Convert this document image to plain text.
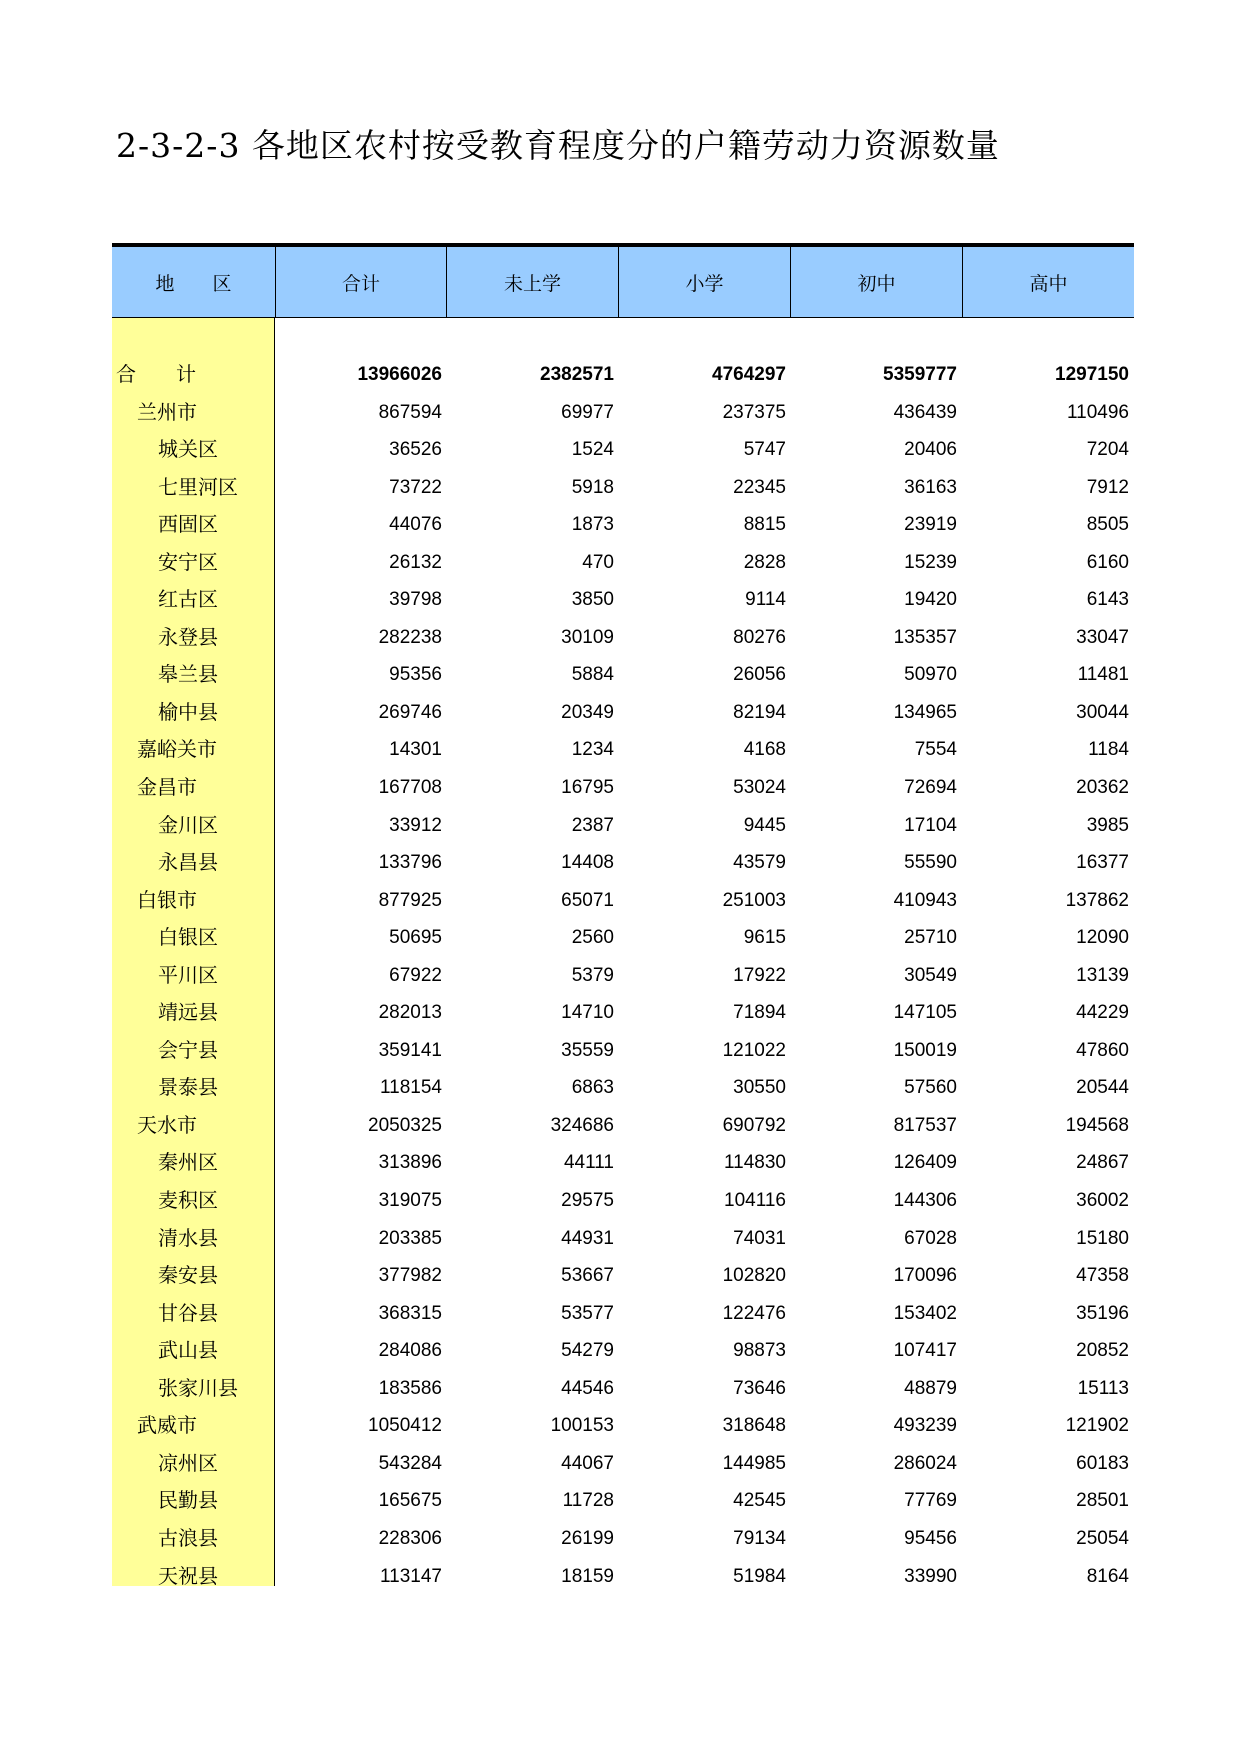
2-3-2-3 各地区农村按受教育程度分的户籍劳动力资源数量
地　　区	合计	未上学	小学	初中	高中
合　　计	13966026	2382571	4764297	5359777	1297150
兰州市	867594	69977	237375	436439	110496
城关区	36526	1524	5747	20406	7204
七里河区	73722	5918	22345	36163	7912
西固区	44076	1873	8815	23919	8505
安宁区	26132	470	2828	15239	6160
红古区	39798	3850	9114	19420	6143
永登县	282238	30109	80276	135357	33047
皋兰县	95356	5884	26056	50970	11481
榆中县	269746	20349	82194	134965	30044
嘉峪关市	14301	1234	4168	7554	1184
金昌市	167708	16795	53024	72694	20362
金川区	33912	2387	9445	17104	3985
永昌县	133796	14408	43579	55590	16377
白银市	877925	65071	251003	410943	137862
白银区	50695	2560	9615	25710	12090
平川区	67922	5379	17922	30549	13139
靖远县	282013	14710	71894	147105	44229
会宁县	359141	35559	121022	150019	47860
景泰县	118154	6863	30550	57560	20544
天水市	2050325	324686	690792	817537	194568
秦州区	313896	44111	114830	126409	24867
麦积区	319075	29575	104116	144306	36002
清水县	203385	44931	74031	67028	15180
秦安县	377982	53667	102820	170096	47358
甘谷县	368315	53577	122476	153402	35196
武山县	284086	54279	98873	107417	20852
张家川县	183586	44546	73646	48879	15113
武威市	1050412	100153	318648	493239	121902
凉州区	543284	44067	144985	286024	60183
民勤县	165675	11728	42545	77769	28501
古浪县	228306	26199	79134	95456	25054
天祝县	113147	18159	51984	33990	8164
